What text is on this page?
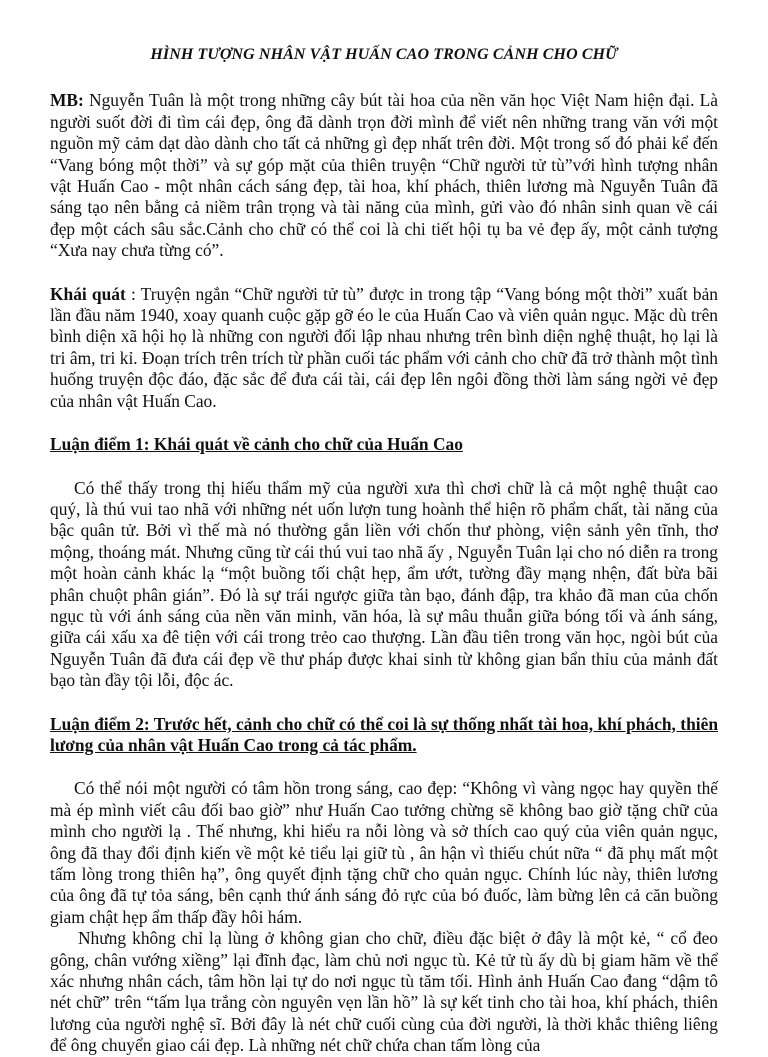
HÌNH TƯỢNG NHÂN VẬT HUẤN CAO TRONG CẢNH CHO CHỮ

MB: Nguyễn Tuân là một trong những cây bút tài hoa của nền văn học Việt Nam hiện đại. Là người suốt đời đi tìm cái đẹp, ông đã dành trọn đời mình để viết nên những trang văn với một nguồn mỹ cảm dạt dào dành cho tất cả những gì đẹp nhất trên đời. Một trong số đó phải kể đến “Vang bóng một thời” và sự góp mặt của thiên truyện “Chữ người tử tù”với hình tượng nhân vật Huấn Cao - một nhân cách sáng đẹp, tài hoa, khí phách, thiên lương mà Nguyễn Tuân đã sáng tạo nên bằng cả niềm trân trọng và tài năng của mình, gửi vào đó nhân sinh quan về cái đẹp một cách sâu sắc.Cảnh cho chữ có thể coi là chi tiết hội tụ ba vẻ đẹp ấy, một cảnh tượng “Xưa nay chưa từng có”.

Khái quát : Truyện ngắn “Chữ người tử tù” được in trong tập “Vang bóng một thời” xuất bản lần đầu năm 1940, xoay quanh cuộc gặp gỡ éo le của Huấn Cao và viên quản ngục. Mặc dù trên bình diện xã hội họ là những con người đối lập nhau nhưng trên bình diện nghệ thuật, họ lại là tri âm, tri kỉ. Đoạn trích trên trích từ phần cuối tác phẩm với cảnh cho chữ đã trở thành một tình huống truyện độc đáo, đặc sắc để đưa cái tài, cái đẹp lên ngôi đồng thời làm sáng ngời vẻ đẹp của nhân vật Huấn Cao.

Luận điểm 1: Khái quát về cảnh cho chữ của Huấn Cao

Có thể thấy trong thị hiếu thẩm mỹ của người xưa thì chơi chữ là cả một nghệ thuật cao quý, là thú vui tao nhã với những nét uốn lượn tung hoành thể hiện rõ phẩm chất, tài năng của bậc quân tử. Bởi vì thế mà nó thường gắn liền với chốn thư phòng, viện sảnh yên tĩnh, thơ mộng, thoáng mát. Nhưng cũng từ cái thú vui tao nhã ấy , Nguyễn Tuân lại cho nó diễn ra trong một hoàn cảnh khác lạ “một buồng tối chật hẹp, ẩm ướt, tường đầy mạng nhện, đất bừa bãi phân chuột phân gián”. Đó là sự trái ngược giữa tàn bạo, đánh đập, tra khảo đã man của chốn ngục tù với ánh sáng của nền văn minh, văn hóa, là sự mâu thuẫn giữa bóng tối và ánh sáng, giữa cái xấu xa đê tiện với cái trong trẻo cao thượng. Lần đầu tiên trong văn học, ngòi bút của Nguyễn Tuân đã đưa cái đẹp về thư pháp được khai sinh từ không gian bẩn thỉu của mảnh đất bạo tàn đầy tội lỗi, độc ác.

Luận điểm 2: Trước hết, cảnh cho chữ có thể coi là sự thống nhất tài hoa, khí phách, thiên lương của nhân vật Huấn Cao trong cả tác phẩm.

Có thể nói một người có tâm hồn trong sáng, cao đẹp: “Không vì vàng ngọc hay quyền thế mà ép mình viết câu đối bao giờ” như Huấn Cao tưởng chừng sẽ không bao giờ tặng chữ của mình cho người lạ . Thế nhưng, khi hiểu ra nỗi lòng và sở thích cao quý của viên quản ngục, ông đã thay đổi định kiến về một kẻ tiểu lại giữ tù , ân hận vì thiếu chút nữa “ đã phụ mất một tấm lòng trong thiên hạ”, ông quyết định tặng chữ cho quản ngục. Chính lúc này, thiên lương của ông đã tự tỏa sáng, bên cạnh thứ ánh sáng đỏ rực của bó đuốc, làm bừng lên cả căn buồng giam chật hẹp ẩm thấp đầy hôi hám.

Nhưng không chỉ lạ lùng ở không gian cho chữ, điều đặc biệt ở đây là một kẻ, “ cổ đeo gông, chân vướng xiềng” lại đĩnh đạc, làm chủ nơi ngục tù. Kẻ tử tù ấy dù bị giam hãm về thể xác nhưng nhân cách, tâm hồn lại tự do nơi ngục tù tăm tối. Hình ảnh Huấn Cao đang “dậm tô nét chữ” trên “tấm lụa trắng còn nguyên vẹn lần hồ” là sự kết tinh cho tài hoa, khí phách, thiên lương của người nghệ sĩ. Bởi đây là nét chữ cuối cùng của đời người, là thời khắc thiêng liêng để ông chuyển giao cái đẹp. Là những nét chữ chứa chan tấm lòng của
